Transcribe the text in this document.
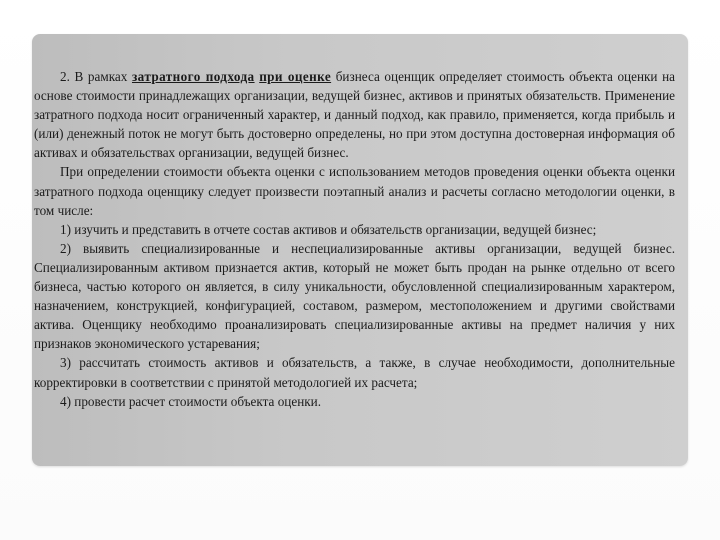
2. В рамках затратного подхода при оценке бизнеса оценщик определяет стоимость объекта оценки на основе стоимости принадлежащих организации, ведущей бизнес, активов и принятых обязательств. Применение затратного подхода носит ограниченный характер, и данный подход, как правило, применяется, когда прибыль и (или) денежный поток не могут быть достоверно определены, но при этом доступна достоверная информация об активах и обязательствах организации, ведущей бизнес.

При определении стоимости объекта оценки с использованием методов проведения оценки объекта оценки затратного подхода оценщику следует произвести поэтапный анализ и расчеты согласно методологии оценки, в том числе:

1) изучить и представить в отчете состав активов и обязательств организации, ведущей бизнес;

2) выявить специализированные и неспециализированные активы организации, ведущей бизнес. Специализированным активом признается актив, который не может быть продан на рынке отдельно от всего бизнеса, частью которого он является, в силу уникальности, обусловленной специализированным характером, назначением, конструкцией, конфигурацией, составом, размером, местоположением и другими свойствами актива. Оценщику необходимо проанализировать специализированные активы на предмет наличия у них признаков экономического устаревания;

3) рассчитать стоимость активов и обязательств, а также, в случае необходимости, дополнительные корректировки в соответствии с принятой методологией их расчета;

4) провести расчет стоимости объекта оценки.
